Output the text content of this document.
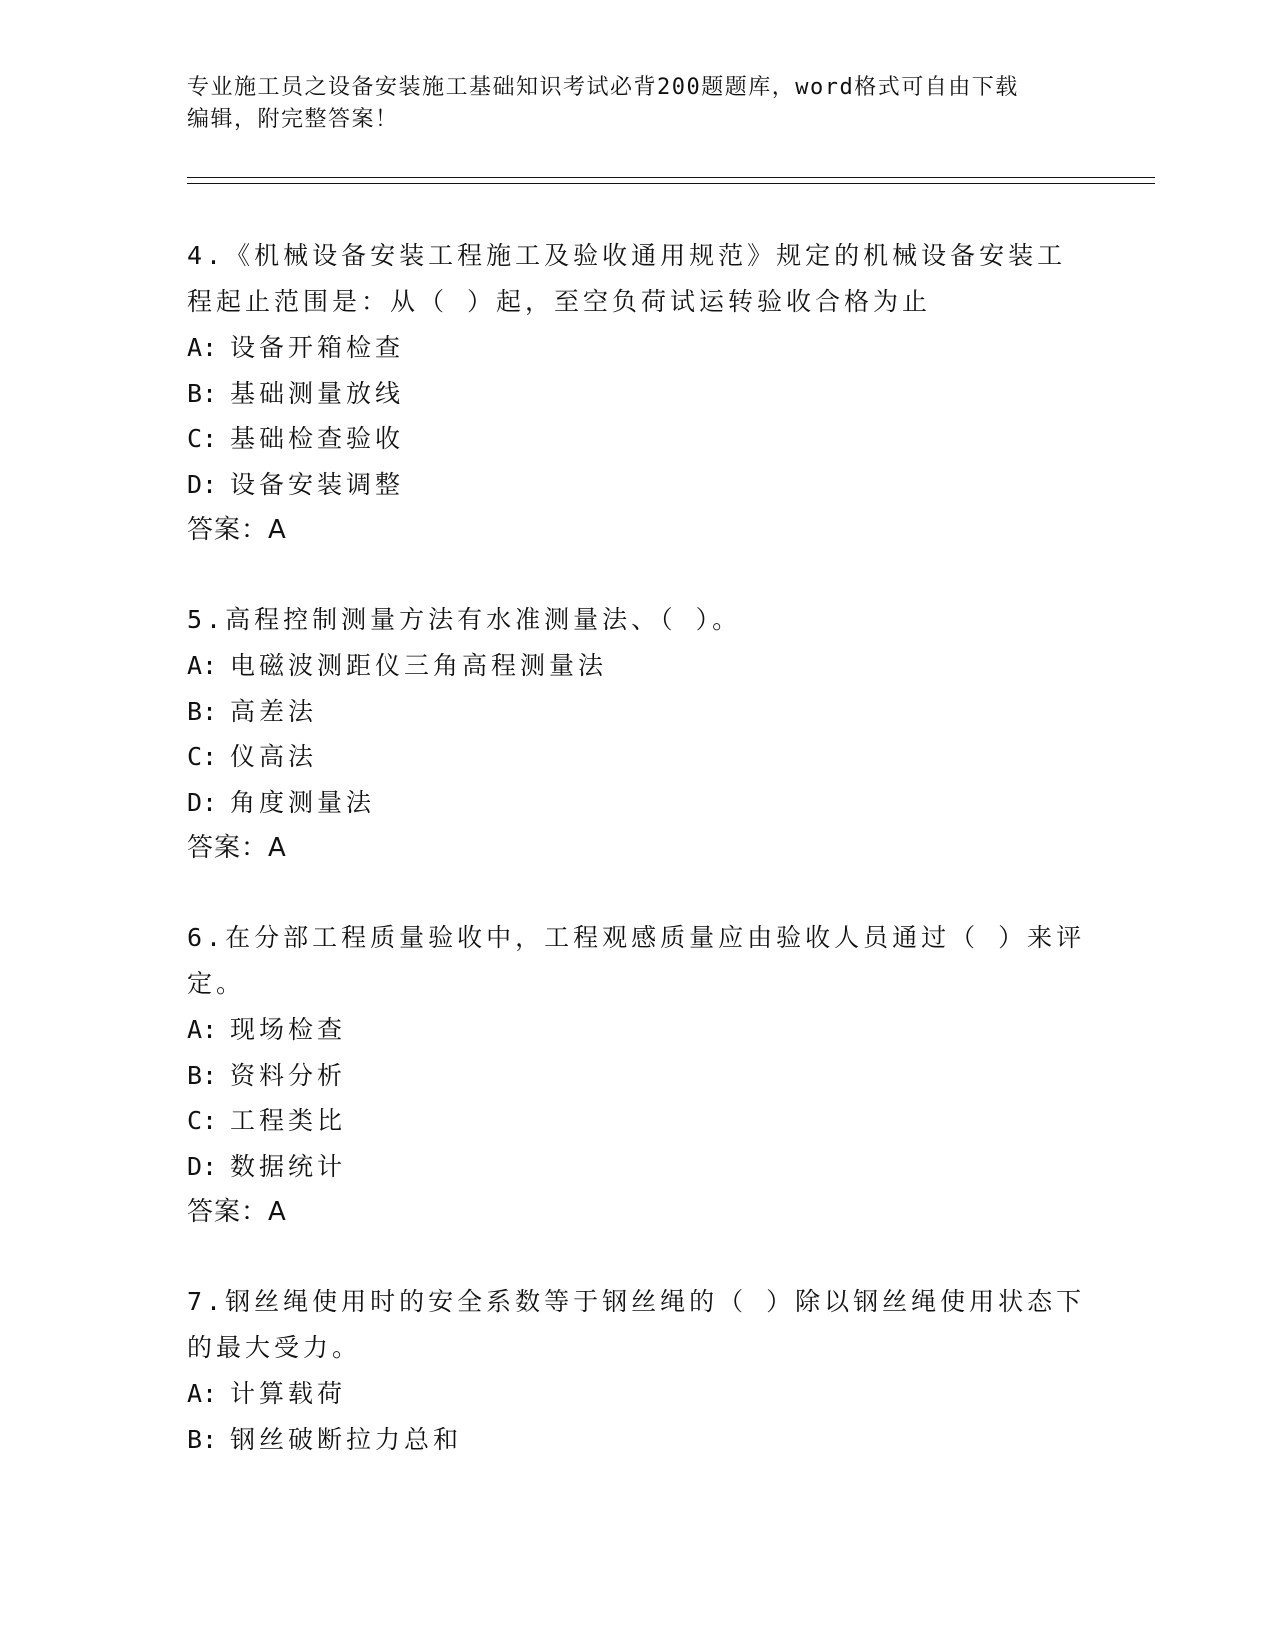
专业施工员之设备安装施工基础知识考试必背200题题库，word格式可自由下载
编辑，附完整答案！

4.《机械设备安装工程施工及验收通用规范》规定的机械设备安装工

程起止范围是：从（ ）起，至空负荷试运转验收合格为止

A: 设备开箱检查

B: 基础测量放线

C: 基础检查验收

D: 设备安装调整

答案：A

5.高程控制测量方法有水准测量法、（ ）。

A: 电磁波测距仪三角高程测量法

B: 高差法

C: 仪高法

D: 角度测量法

答案：A

6.在分部工程质量验收中，工程观感质量应由验收人员通过（ ）来评

定。

A: 现场检查

B: 资料分析

C: 工程类比

D: 数据统计

答案：A

7.钢丝绳使用时的安全系数等于钢丝绳的（ ）除以钢丝绳使用状态下

的最大受力。

A: 计算载荷

B: 钢丝破断拉力总和
